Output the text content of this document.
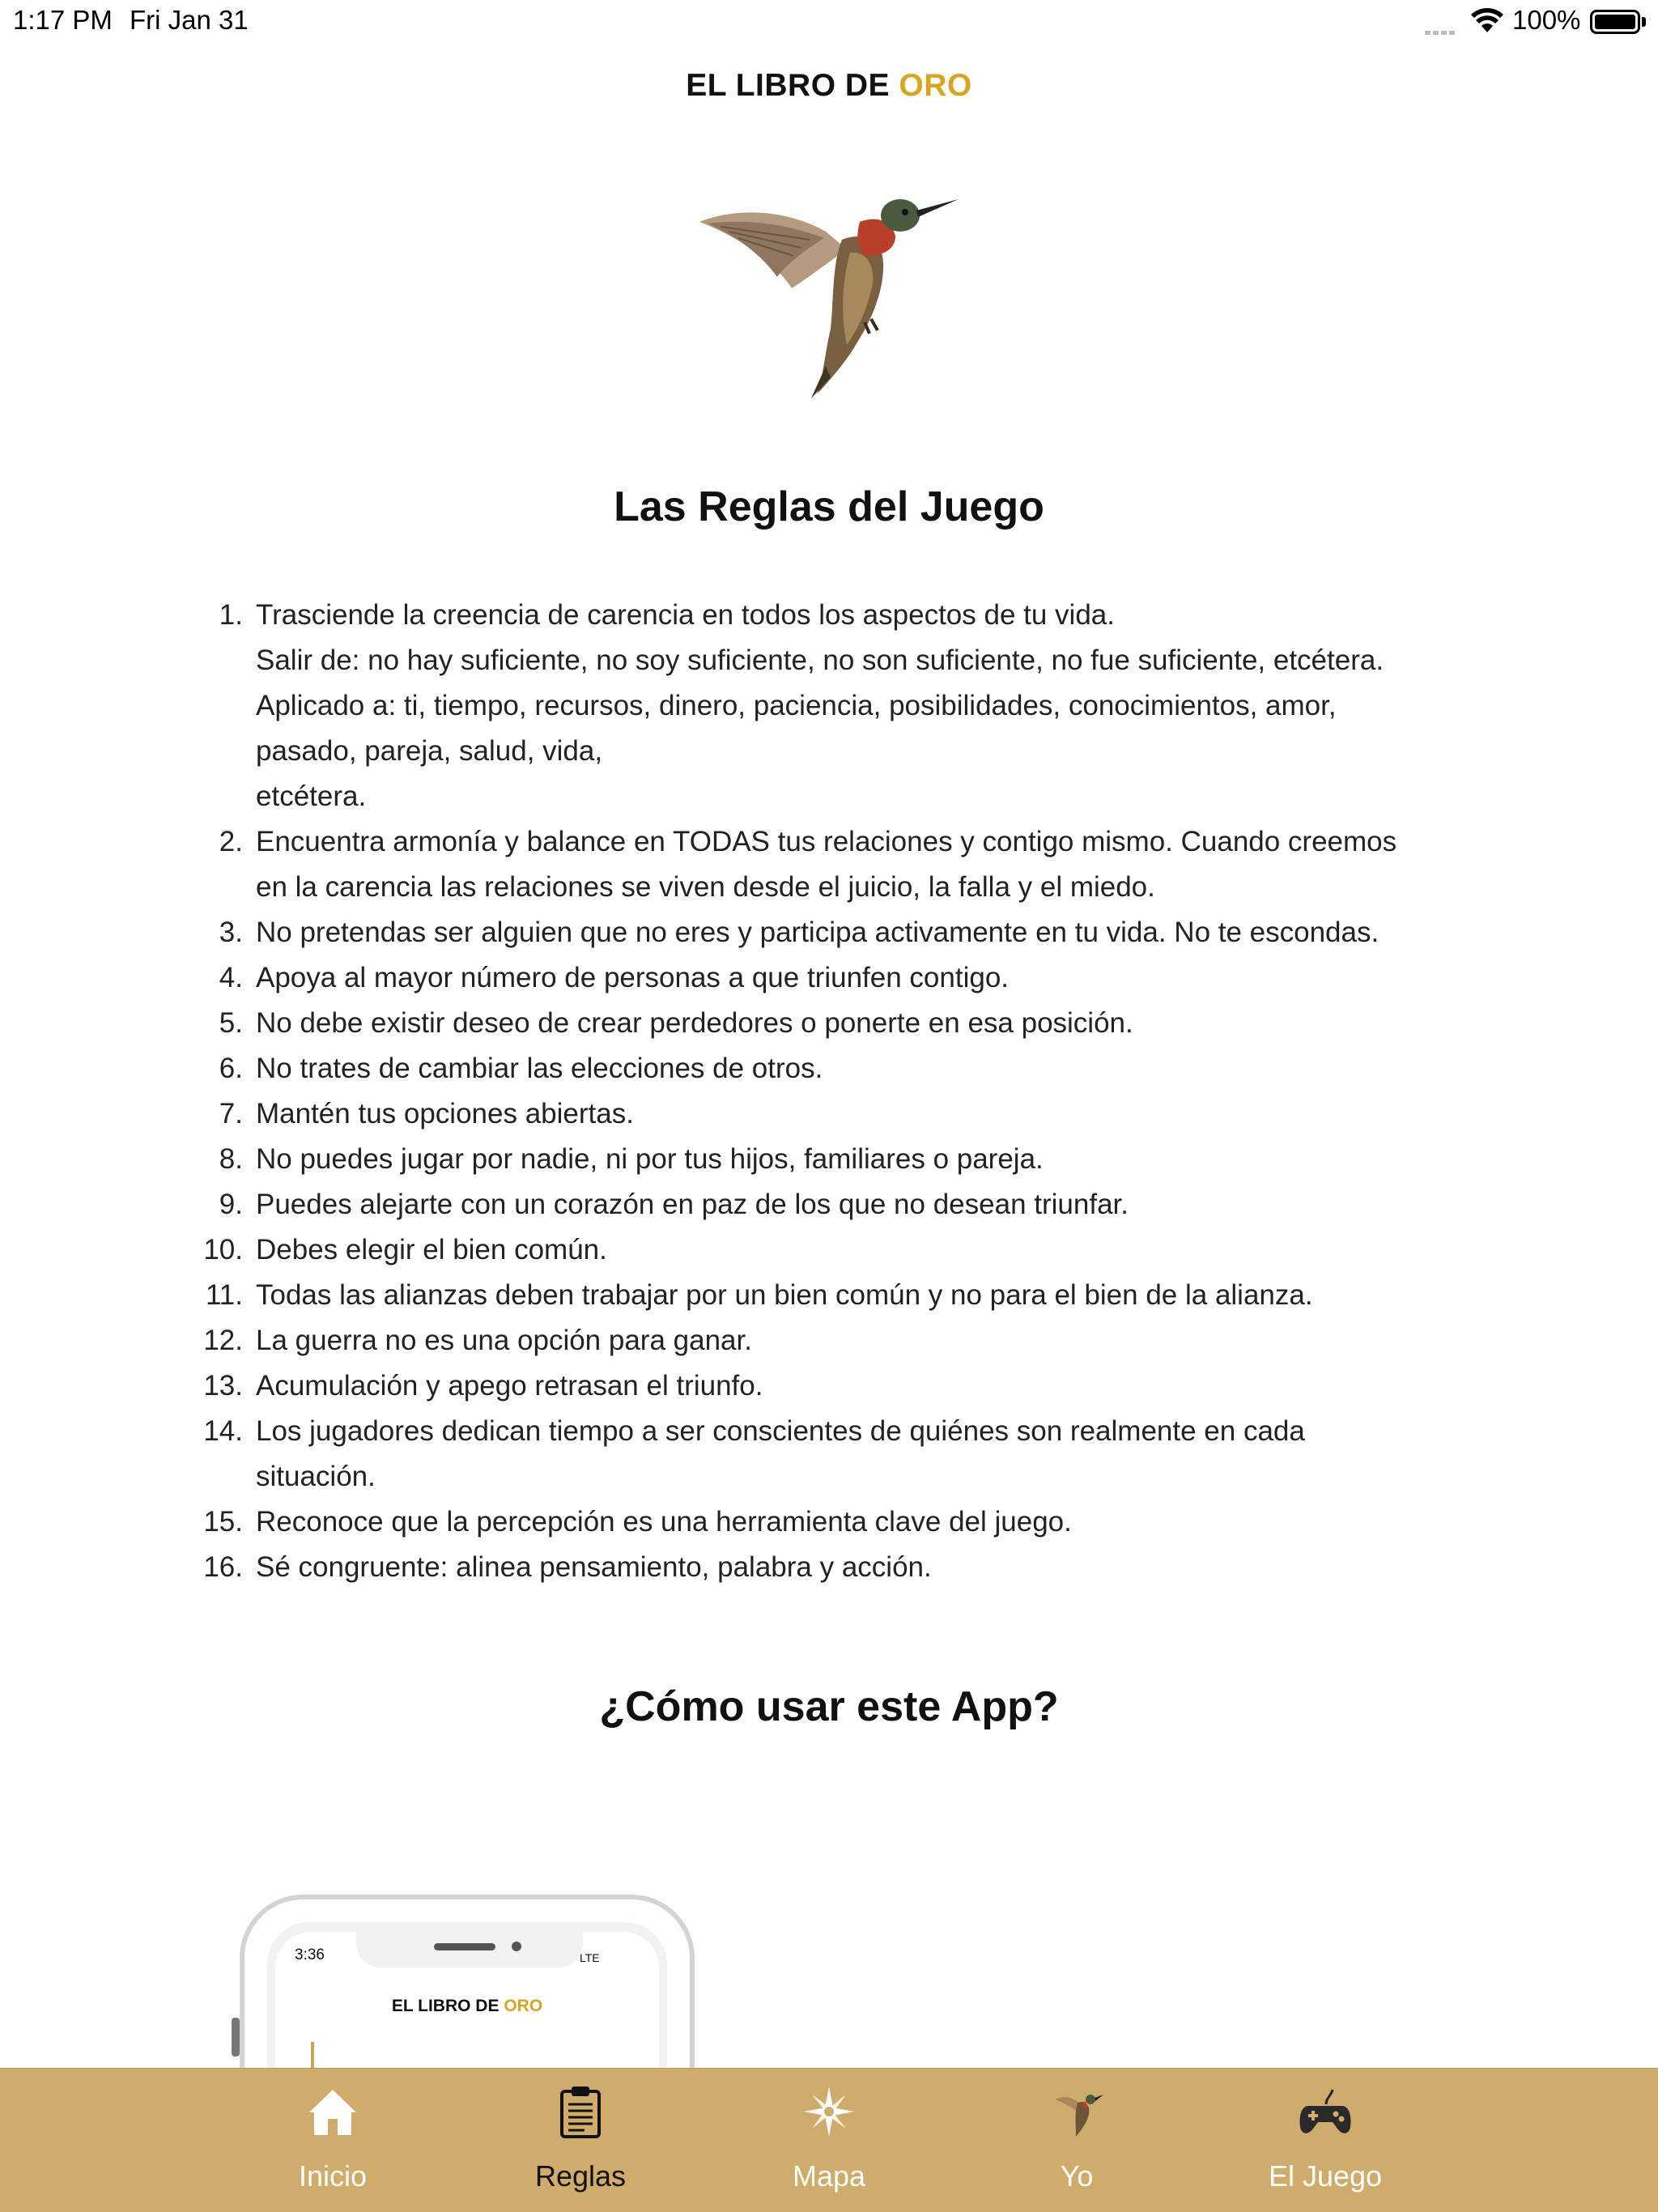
1:17 PM Fri Jan 31	100%
EL LIBRO DE ORO
Las Reglas del Juego
1. Trasciende la creencia de carencia en todos los aspectos de tu vida.
Salir de: no hay suficiente, no soy suficiente, no son suficiente, no fue suficiente, etcétera.
Aplicado a: ti, tiempo, recursos, dinero, paciencia, posibilidades, conocimientos, amor,
pasado, pareja, salud, vida,
etcétera.
2. Encuentra armonía y balance en TODAS tus relaciones y contigo mismo. Cuando creemos
en la carencia las relaciones se viven desde el juicio, la falla y el miedo.
3. No pretendas ser alguien que no eres y participa activamente en tu vida. No te escondas.
4. Apoya al mayor número de personas a que triunfen contigo.
5. No debe existir deseo de crear perdedores o ponerte en esa posición.
6. No trates de cambiar las elecciones de otros.
7. Mantén tus opciones abiertas.
8. No puedes jugar por nadie, ni por tus hijos, familiares o pareja.
9. Puedes alejarte con un corazón en paz de los que no desean triunfar.
10. Debes elegir el bien común.
11. Todas las alianzas deben trabajar por un bien común y no para el bien de la alianza.
12. La guerra no es una opción para ganar.
13. Acumulación y apego retrasan el triunfo.
14. Los jugadores dedican tiempo a ser conscientes de quiénes son realmente en cada
situación.
15. Reconoce que la percepción es una herramienta clave del juego.
16. Sé congruente: alinea pensamiento, palabra y acción.
¿Cómo usar este App?
3:36	LTE
EL LIBRO DE ORO
Inicio	Reglas	Mapa	Yo	El Juego
